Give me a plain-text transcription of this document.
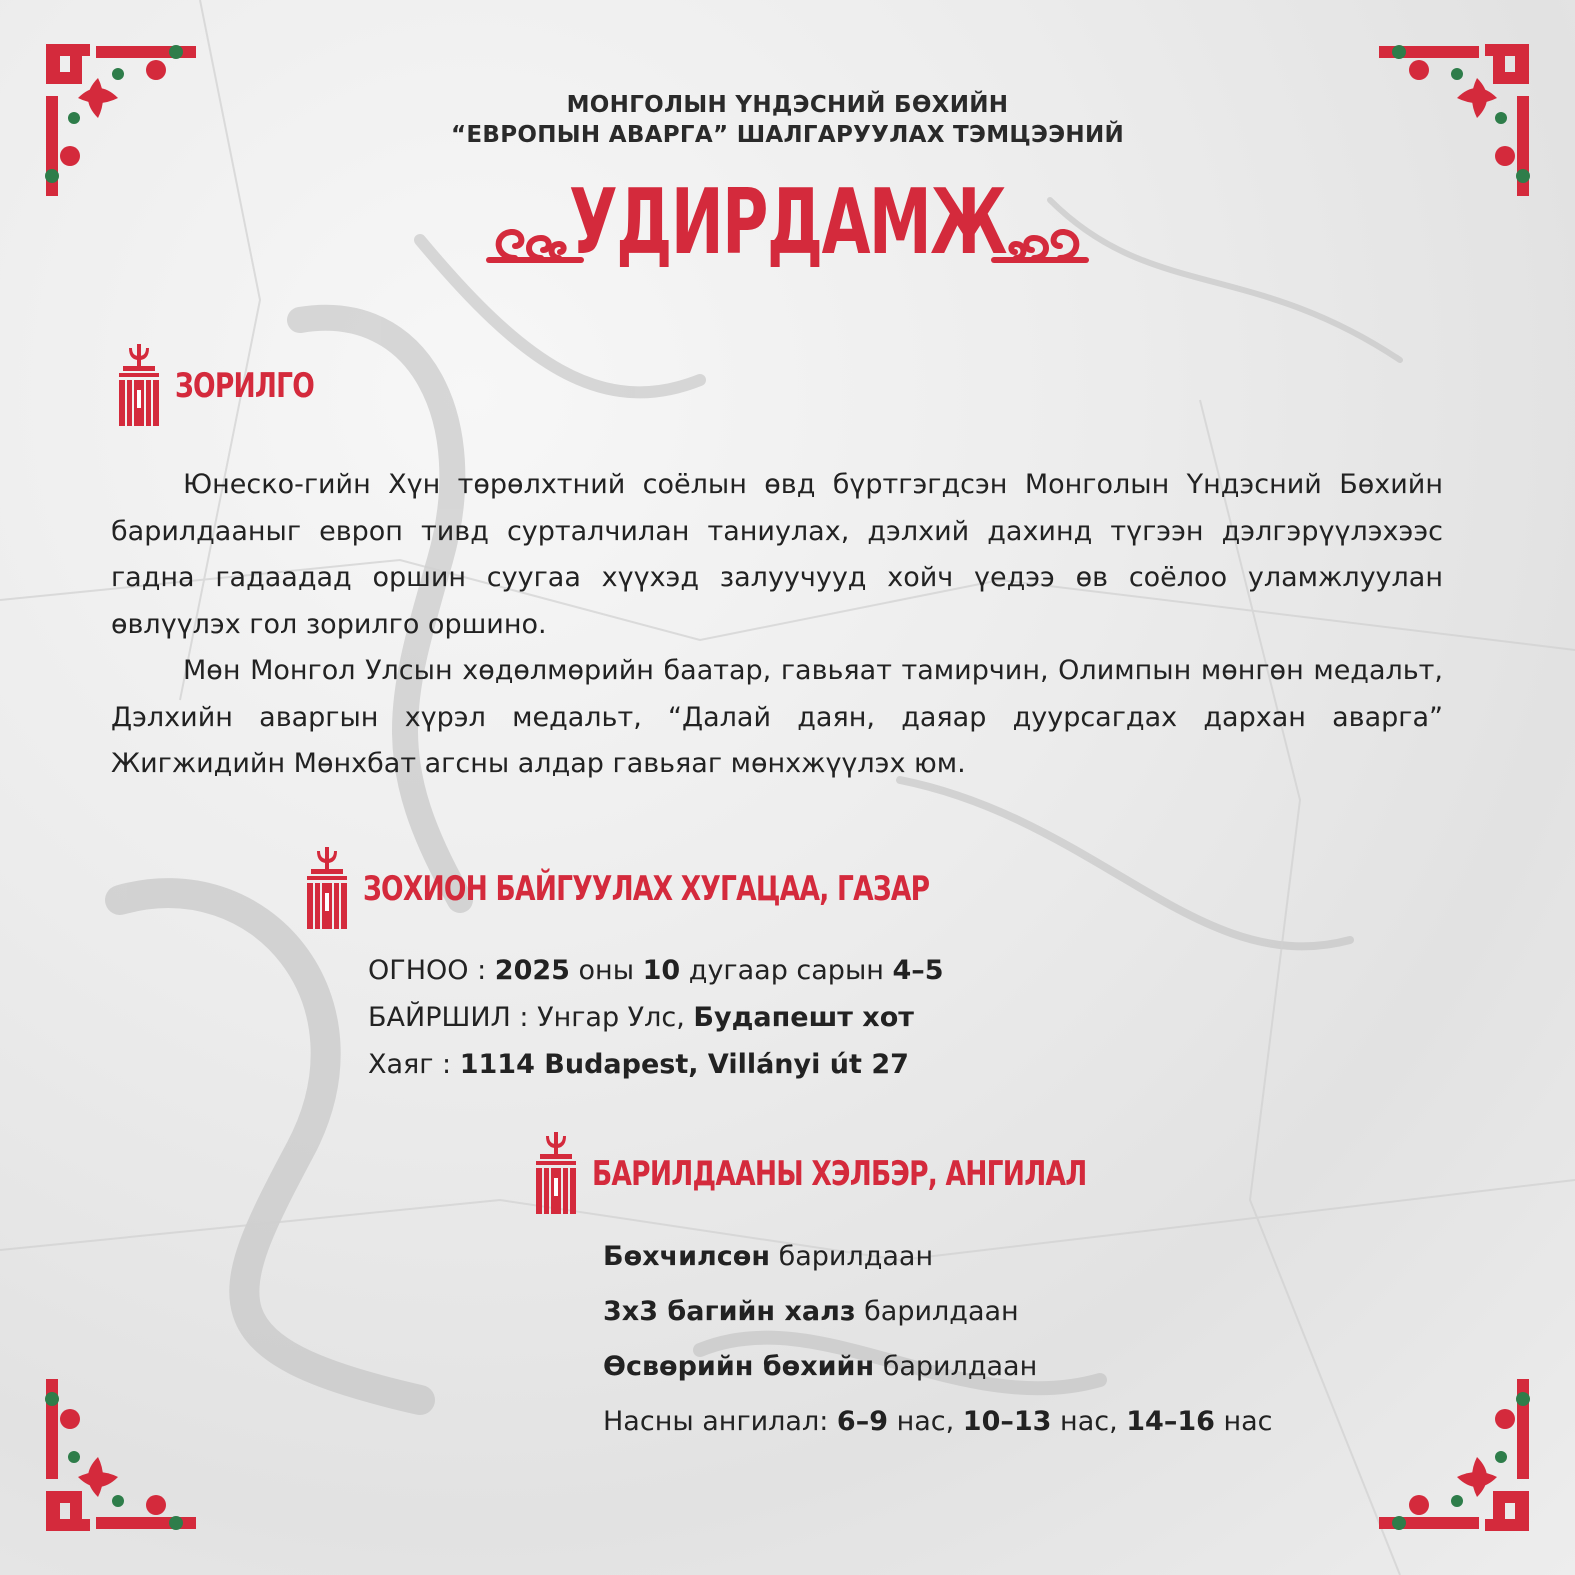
МОНГОЛЫН ҮНДЭСНИЙ БӨХИЙН
“ЕВРОПЫН АВАРГА” ШАЛГАРУУЛАХ ТЭМЦЭЭНИЙ
УДИРДАМЖ
ЗОРИЛГО
Юнеско-гийн Хүн төрөлхтний соёлын өвд бүртгэгдсэн Монголын Үндэсний Бөхийн барилдааныг европ тивд сурталчилан таниулах, дэлхий дахинд түгээн дэлгэрүүлэхээс гадна гадаадад оршин суугаа хүүхэд залуучууд хойч үедээ өв соёлоо уламжлуулан өвлүүлэх гол зорилго оршино.
Мөн Монгол Улсын хөдөлмөрийн баатар, гавьяат тамирчин, Олимпын мөнгөн медальт, Дэлхийн аваргын хүрэл медальт, “Далай даян, даяар дуурсагдах дархан аварга” Жигжидийн Мөнхбат агсны алдар гавьяаг мөнхжүүлэх юм.
ЗОХИОН БАЙГУУЛАХ ХУГАЦАА, ГАЗАР
ОГНОО : 2025 оны 10 дугаар сарын 4–5
БАЙРШИЛ : Унгар Улс, Будапешт хот
Хаяг : 1114 Budapest, Villányi út 27
БАРИЛДААНЫ ХЭЛБЭР, АНГИЛАЛ
Бөхчилсөн барилдаан
3х3 багийн халз барилдаан
Өсвөрийн бөхийн барилдаан
Насны ангилал: 6–9 нас, 10–13 нас, 14–16 нас
